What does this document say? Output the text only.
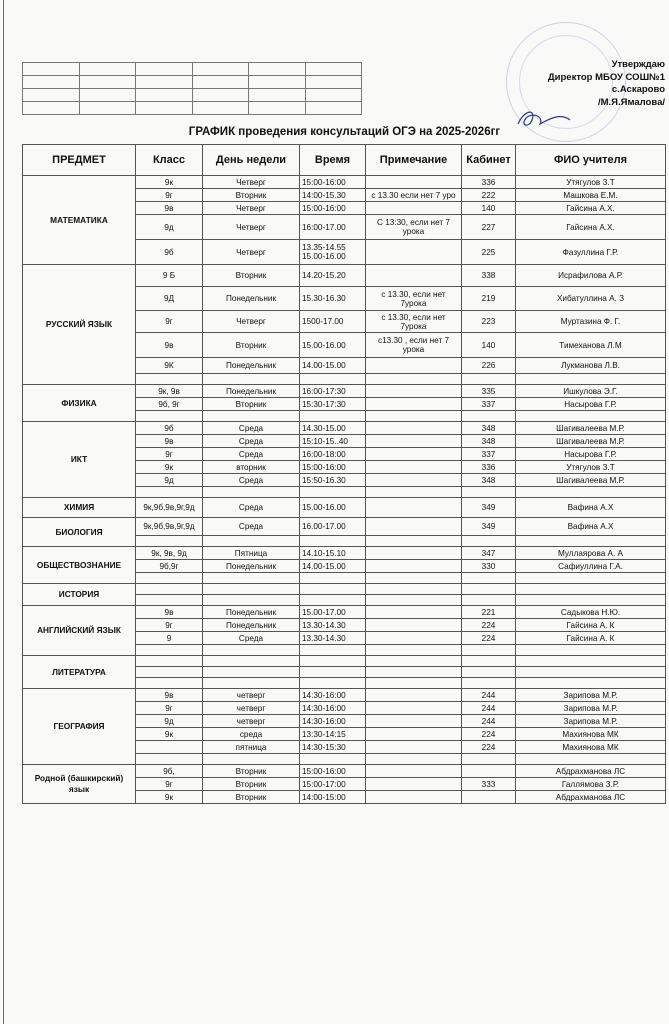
Утверждаю
Директор МБОУ СОШ№1
с.Аскарово
/М.Я.Ямалова/
ГРАФИК проведения консультаций ОГЭ на 2025-2026гг
ПРЕДМЕТ	Класс	День недели	Время	Примечание	Кабинет	ФИО учителя
МАТЕМАТИКА	9к	Четверг	15:00-16:00		336	Утягулов З.Т
	9г	Вторник	14:00-15.30	с 13.30 если нет 7 уро	222	Машкова Е.М.
	9в	Четверг	15:00-16:00		140	Гайсина А.Х.
	9д	Четверг	16:00-17.00	С 13:30, если нет 7 урока	227	Гайсина А.Х.
	9б	Четверг	13.35-14.55 15.00-16.00		225	Фазуллина Г.Р.
РУССКИЙ ЯЗЫК	9 Б	Вторник	14.20-15.20		338	Исрафилова А.Р.
	9Д	Понедельник	15.30-16.30	с 13.30, если нет 7урока	219	Хибатуллина А. З
	9г	Четверг	1500-17.00	с 13.30, если нет 7урока	223	Муртазина Ф. Г.
	9в	Вторник	15.00-16.00	с13.30 , если нет 7 урока	140	Тимеханова Л.М
	9К	Понедельник	14.00-15.00		226	Лукманова Л.В.

ФИЗИКА	9к, 9в	Понедельник	16:00-17:30		335	Ишкулова Э.Г.
	9б, 9г	Вторник	15:30-17:30		337	Насырова Г.Р.

ИКТ	9б	Среда	14.30-15.00		348	Шагивалеева М.Р.
	9в	Среда	15:10-15..40		348	Шагивалеева М.Р.
	9г	Среда	16:00-18:00		337	Насырова Г.Р.
	9к	вторник	15:00-16:00		336	Утягулов З.Т
	9д	Среда	15:50-16.30		348	Шагивалеева М.Р.

ХИМИЯ	9к,9б,9в,9г,9д	Среда	15.00-16.00		349	Вафина А.Х
БИОЛОГИЯ	9к,9б,9в,9г,9д	Среда	16.00-17.00		349	Вафина А.Х

ОБЩЕСТВОЗНАНИЕ	9к, 9в, 9д	Пятница	14.10-15.10		347	Муллаярова А. А
	9б,9г	Понедельник	14.00-15.00		330	Сафиуллина Г.А.

ИСТОРИЯ						

АНГЛИЙСКИЙ ЯЗЫК	9в	Понедельник	15.00-17.00		221	Садыкова Н.Ю.
	9г	Понедельник	13.30-14.30		224	Гайсина А. К
	9	Среда	13.30-14.30		224	Гайсина А. К

ЛИТЕРАТУРА						

ГЕОГРАФИЯ	9в	четверг	14:30-16:00		244	Зарипова М.Р.
	9г	четверг	14:30-16:00		244	Зарипова М.Р.
	9д	четверг	14:30-16:00		244	Зарипова М.Р.
	9к	среда	13:30-14:15		224	Махиянова МК
		пятница	14:30-15:30		224	Махиянова МК

Родной (башкирский) язык	9б,	Вторник	15:00-16:00			Абдрахманова ЛС
	9г	Вторник	15:00-17:00		333	Галлямова З.Р.
	9к	Вторник	14:00-15:00			Абдрахманова ЛС
